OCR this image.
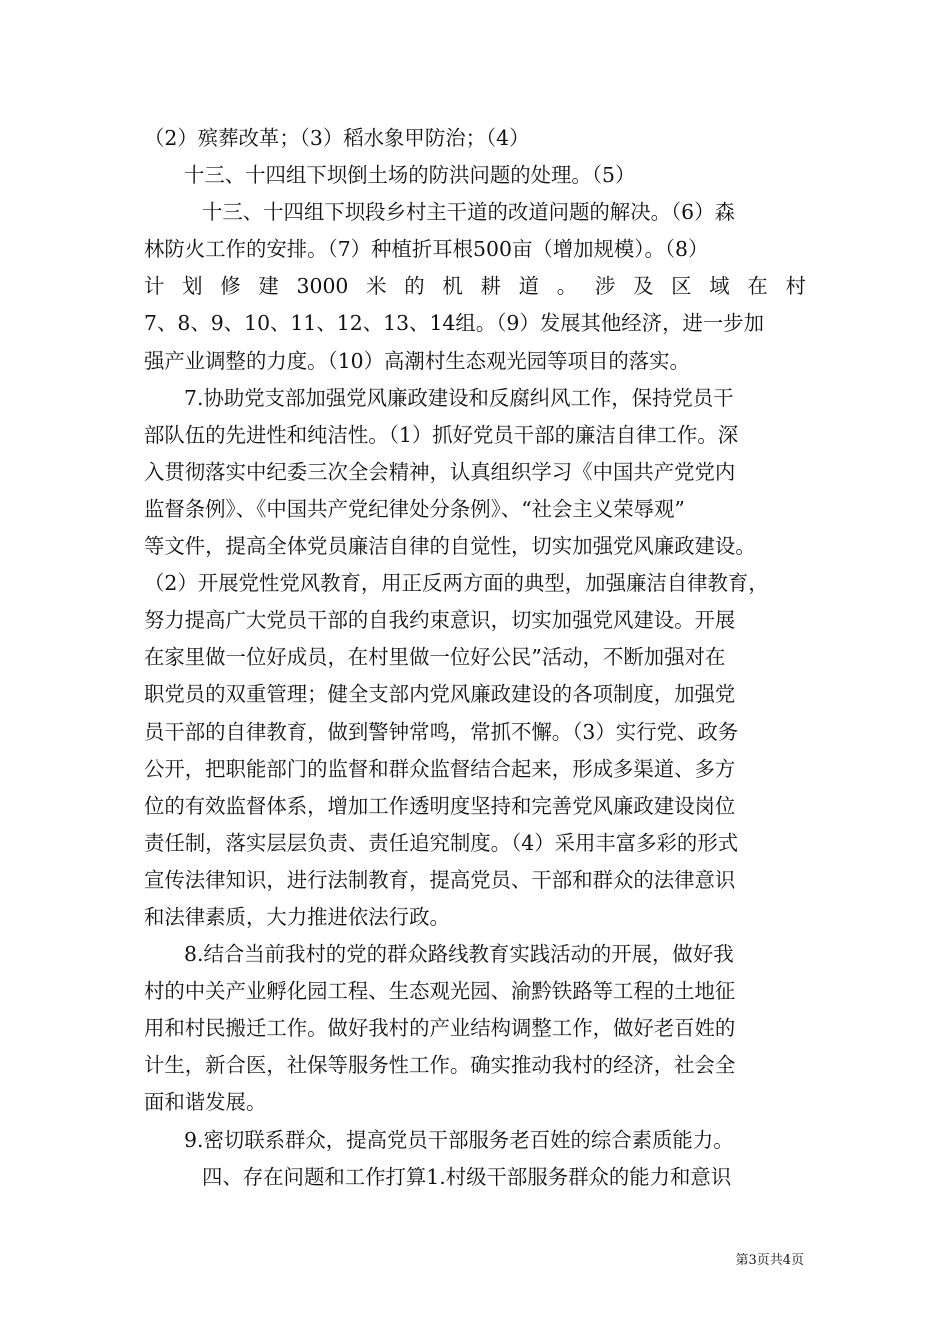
（2）殡葬改革；（3）稻水象甲防治；（4）
十三、十四组下坝倒土场的防洪问题的处理。（5）
十三、十四组下坝段乡村主干道的改道问题的解决。（6）森
林防火工作的安排。（7）种植折耳根500亩（增加规模）。（8）
计 划 修 建 3000 米 的 机 耕 道 。 涉 及 区 域 在 村
7、8、9、10、11、12、13、14组。（9）发展其他经济，进一步加
强产业调整的力度。（10）高潮村生态观光园等项目的落实。
7.协助党支部加强党风廉政建设和反腐纠风工作，保持党员干
部队伍的先进性和纯洁性。（1）抓好党员干部的廉洁自律工作。深
入贯彻落实中纪委三次全会精神，认真组织学习《中国共产党党内
监督条例》、《中国共产党纪律处分条例》、“社会主义荣辱观”
等文件，提高全体党员廉洁自律的自觉性，切实加强党风廉政建设。
（2）开展党性党风教育，用正反两方面的典型，加强廉洁自律教育，
努力提高广大党员干部的自我约束意识，切实加强党风建设。开展
在家里做一位好成员，在村里做一位好公民”活动，不断加强对在
职党员的双重管理；健全支部内党风廉政建设的各项制度，加强党
员干部的自律教育，做到警钟常鸣，常抓不懈。（3）实行党、政务
公开，把职能部门的监督和群众监督结合起来，形成多渠道、多方
位的有效监督体系，增加工作透明度坚持和完善党风廉政建设岗位
责任制，落实层层负责、责任追究制度。（4）采用丰富多彩的形式
宣传法律知识，进行法制教育，提高党员、干部和群众的法律意识
和法律素质，大力推进依法行政。
8.结合当前我村的党的群众路线教育实践活动的开展，做好我
村的中关产业孵化园工程、生态观光园、渝黔铁路等工程的土地征
用和村民搬迁工作。做好我村的产业结构调整工作，做好老百姓的
计生，新合医，社保等服务性工作。确实推动我村的经济，社会全
面和谐发展。
9.密切联系群众，提高党员干部服务老百姓的综合素质能力。
四、存在问题和工作打算1.村级干部服务群众的能力和意识
第3页共4页
